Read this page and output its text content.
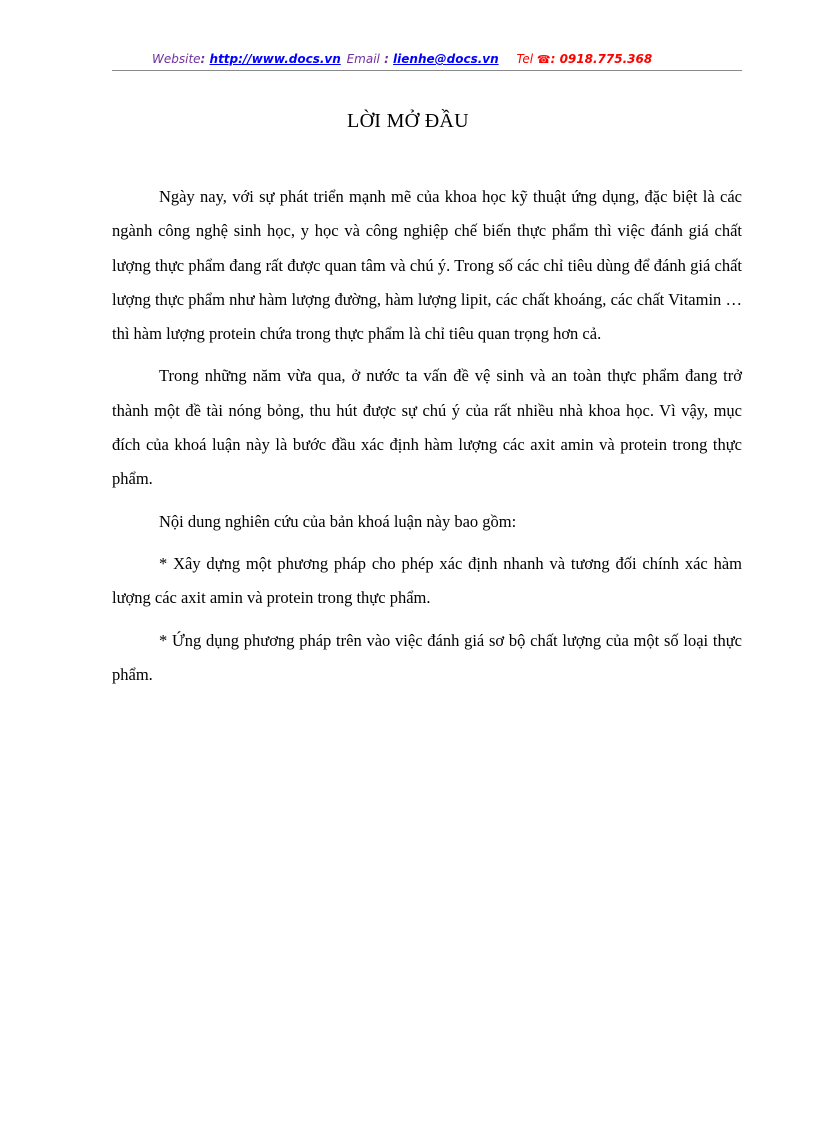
Website: http://www.docs.vn Email : lienhe@docs.vn Tel ☎: 0918.775.368
LỜI MỞ ĐẦU

Ngày nay, với sự phát triển mạnh mẽ của khoa học kỹ thuật ứng dụng, đặc biệt là các ngành công nghệ sinh học, y học và công nghiệp chế biến thực phẩm thì việc đánh giá chất lượng thực phẩm đang rất được quan tâm và chú ý. Trong số các chỉ tiêu dùng để đánh giá chất lượng thực phẩm như hàm lượng đường, hàm lượng lipit, các chất khoáng, các chất Vitamin … thì hàm lượng protein chứa trong thực phẩm là chỉ tiêu quan trọng hơn cả.

Trong những năm vừa qua, ở nước ta vấn đề vệ sinh và an toàn thực phẩm đang trở thành một đề tài nóng bỏng, thu hút được sự chú ý của rất nhiều nhà khoa học. Vì vậy, mục đích của khoá luận này là bước đầu xác định hàm lượng các axit amin và protein trong thực phẩm.

Nội dung nghiên cứu của bản khoá luận này bao gồm:

* Xây dựng một phương pháp cho phép xác định nhanh và tương đối chính xác hàm lượng các axit amin và protein trong thực phẩm.

* Ứng dụng phương pháp trên vào việc đánh giá sơ bộ chất lượng của một số loại thực phẩm.
